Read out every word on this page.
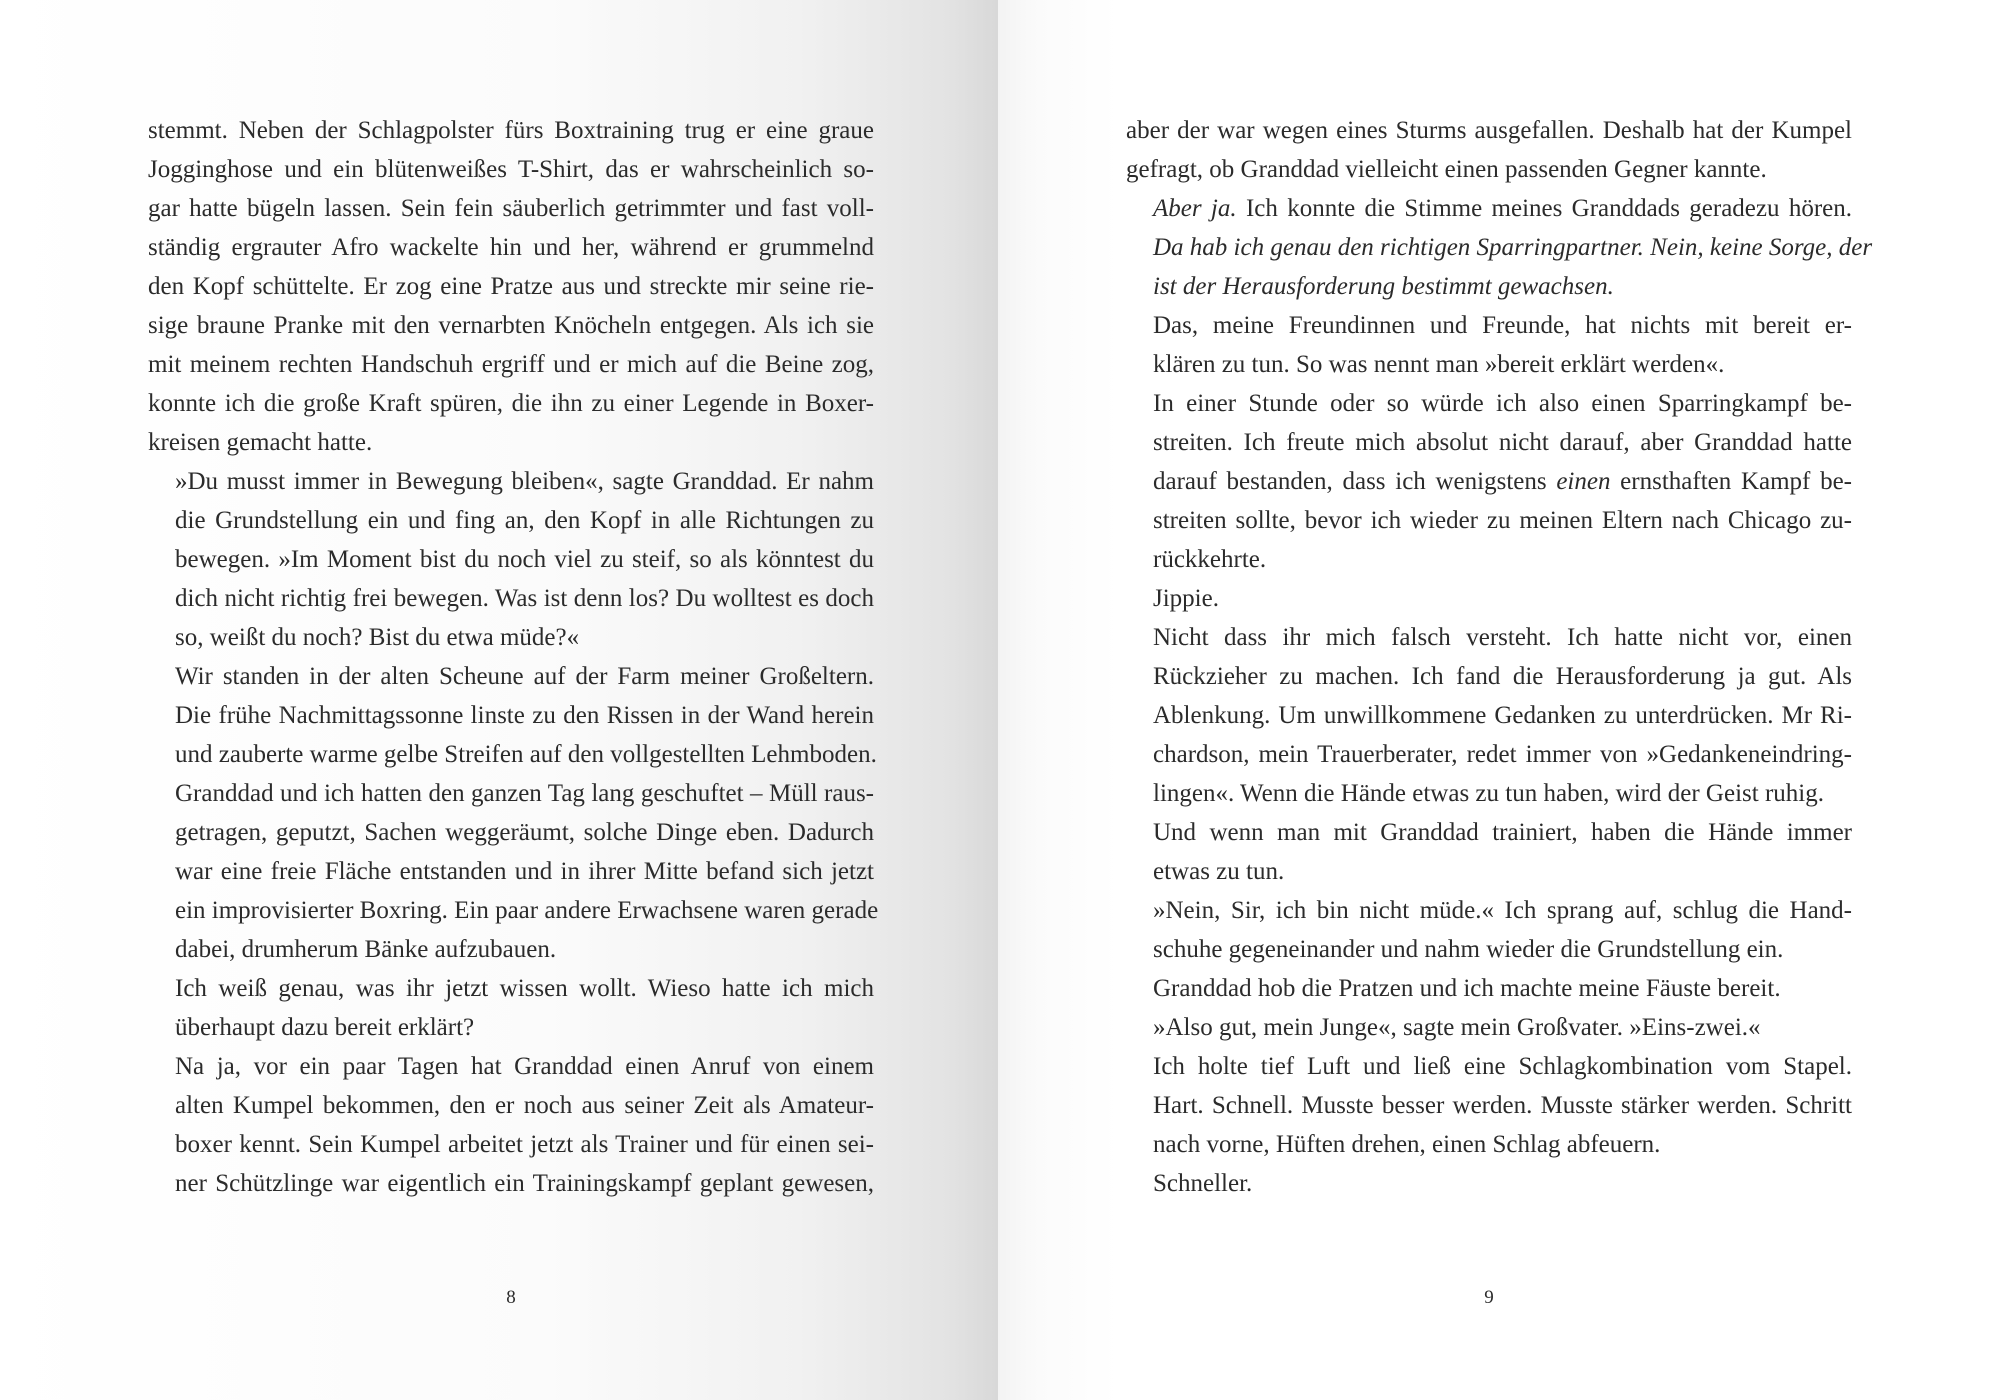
stemmt. Neben der Schlagpolster fürs Boxtraining trug er eine graue
Jogginghose und ein blütenweißes T-Shirt, das er wahrscheinlich so-
gar hatte bügeln lassen. Sein fein säuberlich getrimmter und fast voll-
ständig ergrauter Afro wackelte hin und her, während er grummelnd
den Kopf schüttelte. Er zog eine Pratze aus und streckte mir seine rie-
sige braune Pranke mit den vernarbten Knöcheln entgegen. Als ich sie
mit meinem rechten Handschuh ergriff und er mich auf die Beine zog,
konnte ich die große Kraft spüren, die ihn zu einer Legende in Boxer-
kreisen gemacht hatte.

»Du musst immer in Bewegung bleiben«, sagte Granddad. Er nahm
die Grundstellung ein und fing an, den Kopf in alle Richtungen zu
bewegen. »Im Moment bist du noch viel zu steif, so als könntest du
dich nicht richtig frei bewegen. Was ist denn los? Du wolltest es doch
so, weißt du noch? Bist du etwa müde?«

Wir standen in der alten Scheune auf der Farm meiner Großeltern.
Die frühe Nachmittagssonne linste zu den Rissen in der Wand herein
und zauberte warme gelbe Streifen auf den vollgestellten Lehmboden.
Granddad und ich hatten den ganzen Tag lang geschuftet – Müll raus-
getragen, geputzt, Sachen weggeräumt, solche Dinge eben. Dadurch
war eine freie Fläche entstanden und in ihrer Mitte befand sich jetzt
ein improvisierter Boxring. Ein paar andere Erwachsene waren gerade
dabei, drumherum Bänke aufzubauen.

Ich weiß genau, was ihr jetzt wissen wollt. Wieso hatte ich mich
überhaupt dazu bereit erklärt?

Na ja, vor ein paar Tagen hat Granddad einen Anruf von einem
alten Kumpel bekommen, den er noch aus seiner Zeit als Amateur-
boxer kennt. Sein Kumpel arbeitet jetzt als Trainer und für einen sei-
ner Schützlinge war eigentlich ein Trainingskampf geplant gewesen,

8

aber der war wegen eines Sturms ausgefallen. Deshalb hat der Kumpel
gefragt, ob Granddad vielleicht einen passenden Gegner kannte.

Aber ja. Ich konnte die Stimme meines Granddads geradezu hören.
Da hab ich genau den richtigen Sparringpartner. Nein, keine Sorge, der
ist der Herausforderung bestimmt gewachsen.

Das, meine Freundinnen und Freunde, hat nichts mit bereit er-
klären zu tun. So was nennt man »bereit erklärt werden«.

In einer Stunde oder so würde ich also einen Sparringkampf be-
streiten. Ich freute mich absolut nicht darauf, aber Granddad hatte
darauf bestanden, dass ich wenigstens einen ernsthaften Kampf be-
streiten sollte, bevor ich wieder zu meinen Eltern nach Chicago zu-
rückkehrte.

Jippie.

Nicht dass ihr mich falsch versteht. Ich hatte nicht vor, einen
Rückzieher zu machen. Ich fand die Herausforderung ja gut. Als
Ablenkung. Um unwillkommene Gedanken zu unterdrücken. Mr Ri-
chardson, mein Trauerberater, redet immer von »Gedankeneindring-
lingen«. Wenn die Hände etwas zu tun haben, wird der Geist ruhig.

Und wenn man mit Granddad trainiert, haben die Hände immer
etwas zu tun.

»Nein, Sir, ich bin nicht müde.« Ich sprang auf, schlug die Hand-
schuhe gegeneinander und nahm wieder die Grundstellung ein.

Granddad hob die Pratzen und ich machte meine Fäuste bereit.

»Also gut, mein Junge«, sagte mein Großvater. »Eins-zwei.«

Ich holte tief Luft und ließ eine Schlagkombination vom Stapel.
Hart. Schnell. Musste besser werden. Musste stärker werden. Schritt
nach vorne, Hüften drehen, einen Schlag abfeuern.

Schneller.

9
